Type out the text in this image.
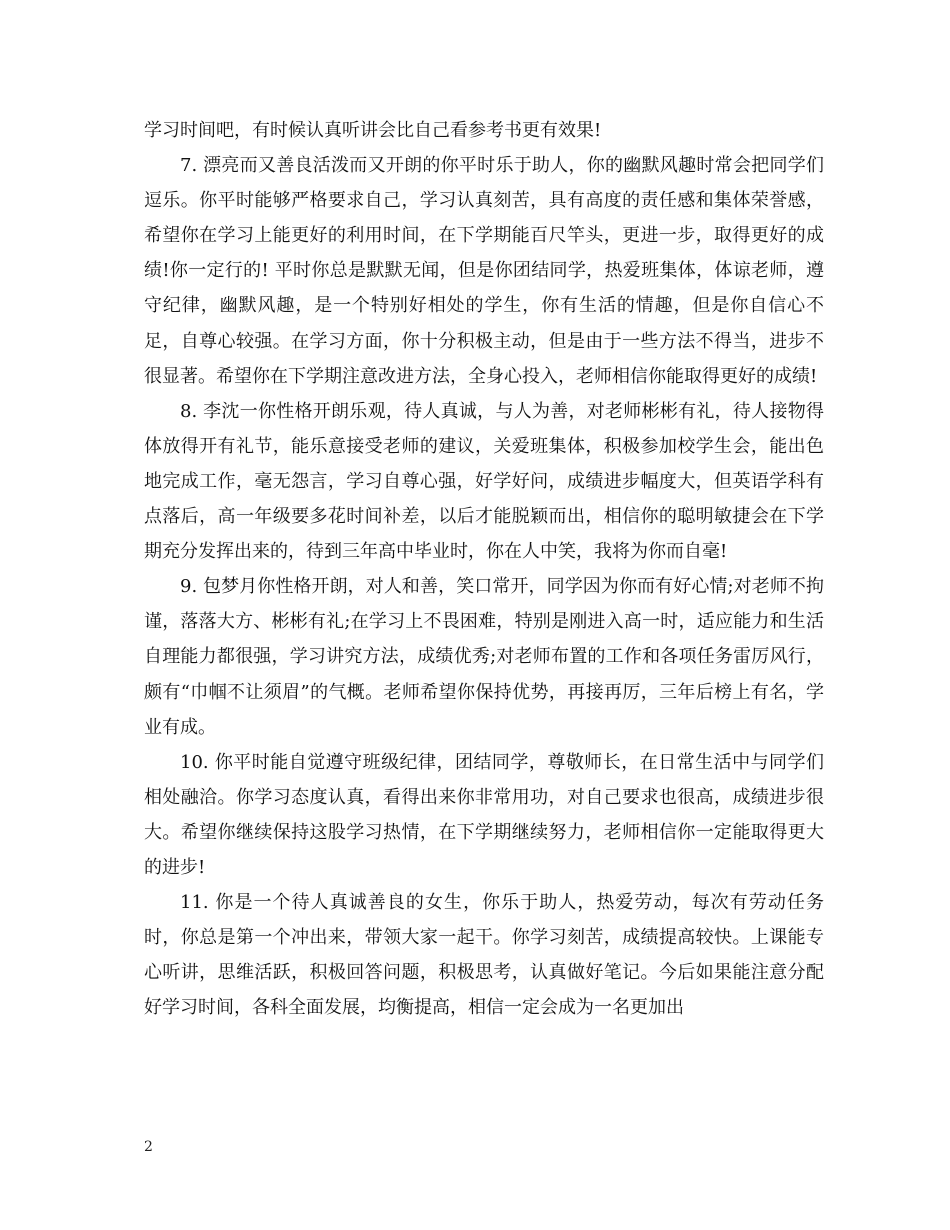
学习时间吧，有时候认真听讲会比自己看参考书更有效果!

7. 漂亮而又善良活泼而又开朗的你平时乐于助人，你的幽默风趣时常会把同学们逗乐。你平时能够严格要求自己，学习认真刻苦，具有高度的责任感和集体荣誉感，希望你在学习上能更好的利用时间，在下学期能百尺竿头，更进一步，取得更好的成绩!你一定行的! 平时你总是默默无闻，但是你团结同学，热爱班集体，体谅老师，遵守纪律，幽默风趣，是一个特别好相处的学生，你有生活的情趣，但是你自信心不足，自尊心较强。在学习方面，你十分积极主动，但是由于一些方法不得当，进步不很显著。希望你在下学期注意改进方法，全身心投入，老师相信你能取得更好的成绩!

8. 李沈一你性格开朗乐观，待人真诚，与人为善，对老师彬彬有礼，待人接物得体放得开有礼节，能乐意接受老师的建议，关爱班集体，积极参加校学生会，能出色地完成工作，毫无怨言，学习自尊心强，好学好问，成绩进步幅度大，但英语学科有点落后，高一年级要多花时间补差，以后才能脱颖而出，相信你的聪明敏捷会在下学期充分发挥出来的，待到三年高中毕业时，你在人中笑，我将为你而自毫!

9. 包梦月你性格开朗，对人和善，笑口常开，同学因为你而有好心情;对老师不拘谨，落落大方、彬彬有礼;在学习上不畏困难，特别是刚进入高一时，适应能力和生活自理能力都很强，学习讲究方法，成绩优秀;对老师布置的工作和各项任务雷厉风行，颇有“巾帼不让须眉”的气概。老师希望你保持优势，再接再厉，三年后榜上有名，学业有成。

10. 你平时能自觉遵守班级纪律，团结同学，尊敬师长，在日常生活中与同学们相处融洽。你学习态度认真，看得出来你非常用功，对自己要求也很高，成绩进步很大。希望你继续保持这股学习热情，在下学期继续努力，老师相信你一定能取得更大的进步!

11. 你是一个待人真诚善良的女生，你乐于助人，热爱劳动，每次有劳动任务时，你总是第一个冲出来，带领大家一起干。你学习刻苦，成绩提高较快。上课能专心听讲，思维活跃，积极回答问题，积极思考，认真做好笔记。今后如果能注意分配好学习时间，各科全面发展，均衡提高，相信一定会成为一名更加出

2
